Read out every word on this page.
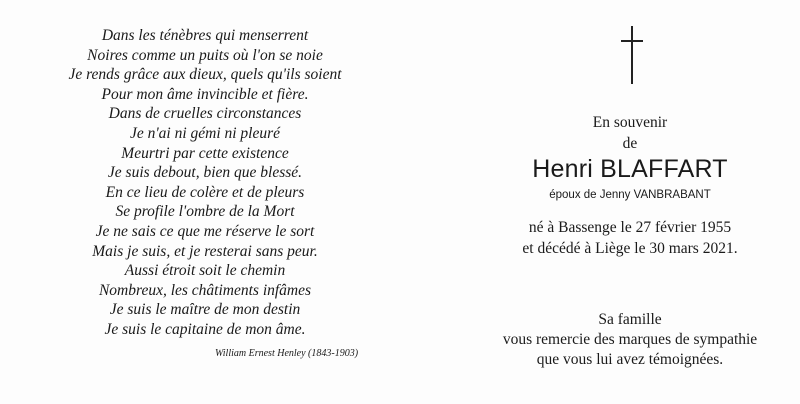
Dans les ténèbres qui menserrent
Noires comme un puits où l'on se noie
Je rends grâce aux dieux, quels qu'ils soient
Pour mon âme invincible et fière.
Dans de cruelles circonstances
Je n'ai ni gémi ni pleuré
Meurtri par cette existence
Je suis debout, bien que blessé.
En ce lieu de colère et de pleurs
Se profile l'ombre de la Mort
Je ne sais ce que me réserve le sort
Mais je suis, et je resterai sans peur.
Aussi étroit soit le chemin
Nombreux, les châtiments infâmes
Je suis le maître de mon destin
Je suis le capitaine de mon âme.
William Ernest Henley (1843-1903)
En souvenir
de
Henri BLAFFART
époux de Jenny VANBRABANT
né à Bassenge le 27 février 1955
et décédé à Liège le 30 mars 2021.
Sa famille
vous remercie des marques de sympathie
que vous lui avez témoignées.
